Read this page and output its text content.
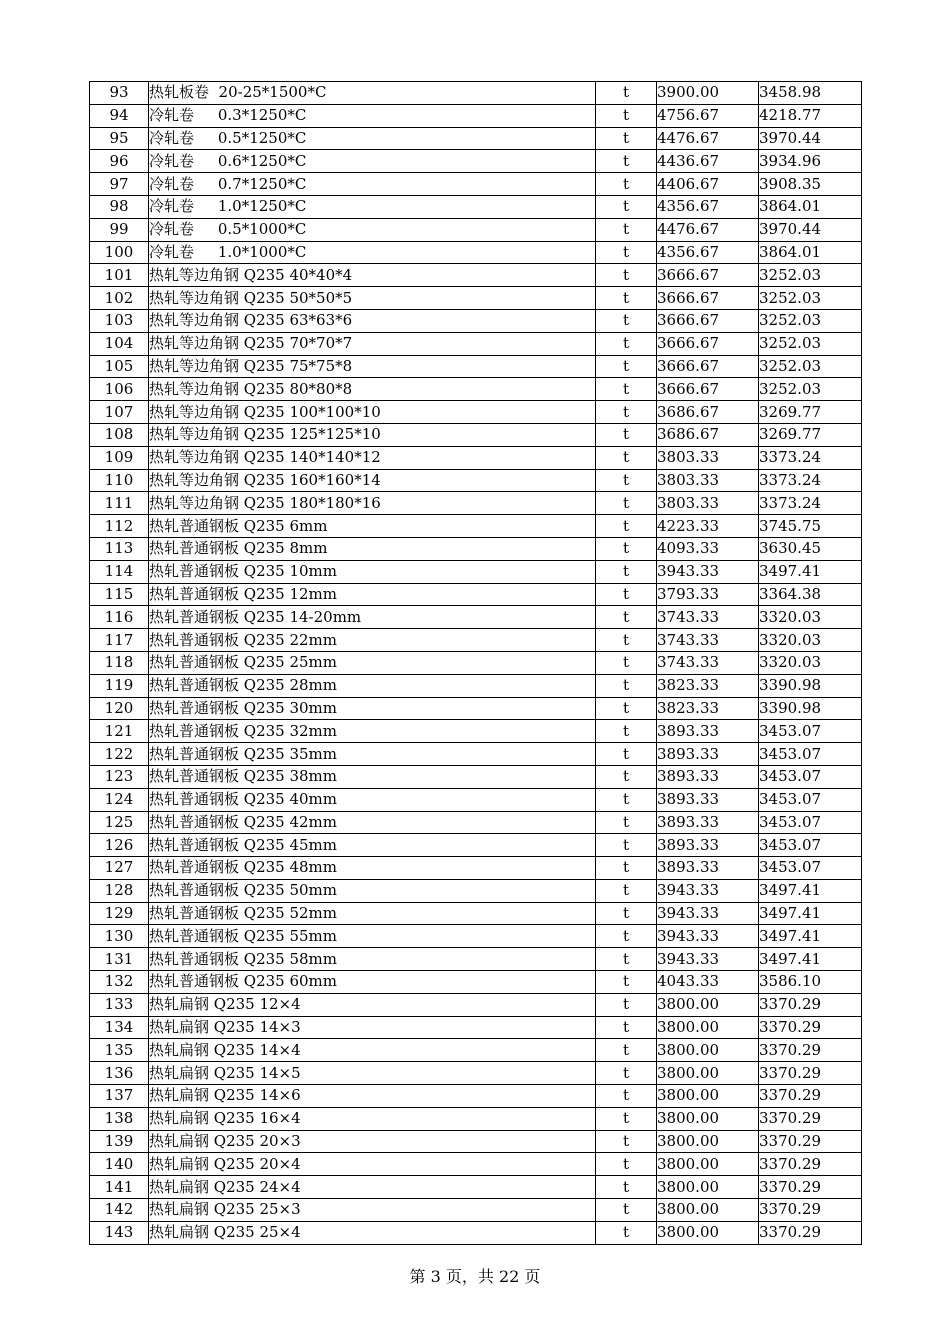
93	热轧板卷  20-25*1500*C	t	3900.00	3458.98
94	冷轧卷     0.3*1250*C	t	4756.67	4218.77
95	冷轧卷     0.5*1250*C	t	4476.67	3970.44
96	冷轧卷     0.6*1250*C	t	4436.67	3934.96
97	冷轧卷     0.7*1250*C	t	4406.67	3908.35
98	冷轧卷     1.0*1250*C	t	4356.67	3864.01
99	冷轧卷     0.5*1000*C	t	4476.67	3970.44
100	冷轧卷     1.0*1000*C	t	4356.67	3864.01
101	热轧等边角钢 Q235 40*40*4	t	3666.67	3252.03
102	热轧等边角钢 Q235 50*50*5	t	3666.67	3252.03
103	热轧等边角钢 Q235 63*63*6	t	3666.67	3252.03
104	热轧等边角钢 Q235 70*70*7	t	3666.67	3252.03
105	热轧等边角钢 Q235 75*75*8	t	3666.67	3252.03
106	热轧等边角钢 Q235 80*80*8	t	3666.67	3252.03
107	热轧等边角钢 Q235 100*100*10	t	3686.67	3269.77
108	热轧等边角钢 Q235 125*125*10	t	3686.67	3269.77
109	热轧等边角钢 Q235 140*140*12	t	3803.33	3373.24
110	热轧等边角钢 Q235 160*160*14	t	3803.33	3373.24
111	热轧等边角钢 Q235 180*180*16	t	3803.33	3373.24
112	热轧普通钢板 Q235 6mm	t	4223.33	3745.75
113	热轧普通钢板 Q235 8mm	t	4093.33	3630.45
114	热轧普通钢板 Q235 10mm	t	3943.33	3497.41
115	热轧普通钢板 Q235 12mm	t	3793.33	3364.38
116	热轧普通钢板 Q235 14-20mm	t	3743.33	3320.03
117	热轧普通钢板 Q235 22mm	t	3743.33	3320.03
118	热轧普通钢板 Q235 25mm	t	3743.33	3320.03
119	热轧普通钢板 Q235 28mm	t	3823.33	3390.98
120	热轧普通钢板 Q235 30mm	t	3823.33	3390.98
121	热轧普通钢板 Q235 32mm	t	3893.33	3453.07
122	热轧普通钢板 Q235 35mm	t	3893.33	3453.07
123	热轧普通钢板 Q235 38mm	t	3893.33	3453.07
124	热轧普通钢板 Q235 40mm	t	3893.33	3453.07
125	热轧普通钢板 Q235 42mm	t	3893.33	3453.07
126	热轧普通钢板 Q235 45mm	t	3893.33	3453.07
127	热轧普通钢板 Q235 48mm	t	3893.33	3453.07
128	热轧普通钢板 Q235 50mm	t	3943.33	3497.41
129	热轧普通钢板 Q235 52mm	t	3943.33	3497.41
130	热轧普通钢板 Q235 55mm	t	3943.33	3497.41
131	热轧普通钢板 Q235 58mm	t	3943.33	3497.41
132	热轧普通钢板 Q235 60mm	t	4043.33	3586.10
133	热轧扁钢 Q235 12×4	t	3800.00	3370.29
134	热轧扁钢 Q235 14×3	t	3800.00	3370.29
135	热轧扁钢 Q235 14×4	t	3800.00	3370.29
136	热轧扁钢 Q235 14×5	t	3800.00	3370.29
137	热轧扁钢 Q235 14×6	t	3800.00	3370.29
138	热轧扁钢 Q235 16×4	t	3800.00	3370.29
139	热轧扁钢 Q235 20×3	t	3800.00	3370.29
140	热轧扁钢 Q235 20×4	t	3800.00	3370.29
141	热轧扁钢 Q235 24×4	t	3800.00	3370.29
142	热轧扁钢 Q235 25×3	t	3800.00	3370.29
143	热轧扁钢 Q235 25×4	t	3800.00	3370.29
第 3 页，共 22 页
